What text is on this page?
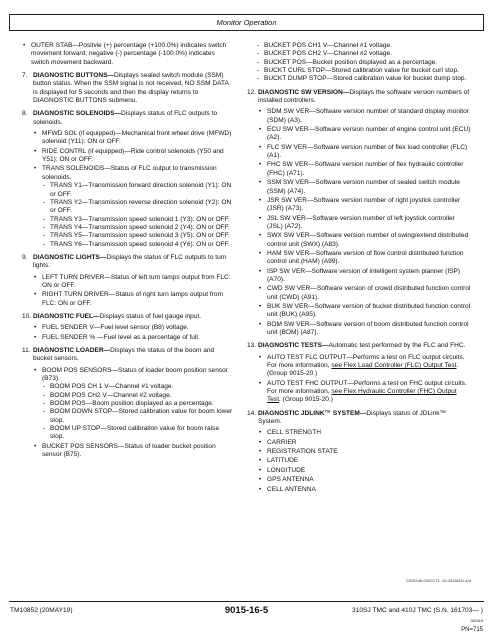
Monitor Operation
• OUTER STAB—Positvie (+) percentage (+100.0%) indicates switch movement forward; negative (-) percentage (-100.0%) indicates switch movement backward.
7. DIAGNOSTIC BUTTONS—Displays sealed switch module (SSM) button status. When the SSM signal is not received, NO SSM DATA is displayed for 5 seconds and then the display returns to DIAGNOSTIC BUTTONS submenu.
8. DIAGNOSTIC SOLENOIDS—Displays status of FLC outputs to solenoids.
• MFWD SOL (if equipped)—Mechanical front wheel drive (MFWD) solenoid (Y11): ON or OFF.
• RIDE CONTRL (if equipped)—Ride control solenoids (Y50 and Y51): ON or OFF.
• TRANS SOLENOIDS—Status of FLC output to transmission solenoids.
- TRANS Y1—Transmission forward direction solenoid (Y1): ON or OFF.
- TRANS Y2—Transmission reverse direction solenoid (Y2): ON or OFF.
- TRANS Y3—Transmission speed solenoid 1 (Y3): ON or OFF.
- TRANS Y4—Transmission speed solenoid 2 (Y4): ON or OFF.
- TRANS Y5—Transmission speed solenoid 3 (Y5): ON or OFF.
- TRANS Y6—Transmission speed solenoid 4 (Y6): ON or OFF.
9. DIAGNOSTIC LIGHTS—Displays the status of FLC outputs to turn lights.
• LEFT TURN DRIVER—Status of left turn lamps output from FLC: ON or OFF.
• RIGHT TURN DRIVER—Status of right turn lamps output from FLC: ON or OFF.
10. DIAGNOSTIC FUEL—Displays status of fuel gauge input.
• FUEL SENDER V—Fuel level sensor (B8) voltage.
• FUEL SENDER % —Fuel level as a percentage of full.
11. DIAGNOSTIC LOADER—Displays the status of the boom and bucket sensors.
• BOOM POS SENSORS—Status of loader boom position sensor (B73).
- BOOM POS CH 1 V—Channel #1 voltage.
- BOOM POS CH2 V—Channel #2 voltage.
- BOOM POS—Boom position displayed as a percentage.
- BOOM DOWN STOP—Stored calibration value for boom lower stop.
- BOOM UP STOP—Stored calibration value for boom raise stop.
• BUCKET POS SENSORS—Status of loader bucket position sensor (B75).
- BUCKET POS CH1 V—Channel #1 voltage.
- BUCKET POS CH2 V—Channel #2 voltage.
- BUCKET POS—Bucket position displayed as a percentage.
- BUCKT CURL STOP—Stored calibration value for bucket curl stop.
- BUCKT DUMP STOP—Stored calibration value for bucket dump stop.
12. DIAGNOSTIC SW VERSION—Displays the software version numbers of installed controllers.
• SDM SW VER—Software version number of standard display monitor (SDM) (A3).
• ECU SW VER—Software version number of engine control unit (ECU) (A2).
• FLC SW VER—Software version number of flex load controller (FLC) (A1).
• FHC SW VER—Software version number of flex hydraulic controller (FHC) (A71).
• SSM SW VER—Software version number of sealed switch module (SSM) (A74).
• JSR SW VER—Software version number of right joystick controller (JSR) (A73).
• JSL SW VER—Software version number of left joystick controller (JSL) (A72).
• SWX SW VER—Software version number of swing/extend distributed control unit (SWX) (A83).
• HAM SW VER—Software version of flow control distributed function control unit (HAM) (A99).
• ISP SW VER—Software version of intelligent system planner (ISP) (A70).
• CWD SW VER—Software version of crowd distributed function control unit (CWD) (A91).
• BUK SW VER—Software version of bucket distributed function control unit (BUK) (A95).
• BOM SW VER—Software version of boom distributed function control unit (BOM) (A87).
13. DIAGNOSTIC TESTS—Automatic test performed by the FLC and FHC.
• AUTO TEST FLC OUTPUT—Performs a test on FLC output circuits. For more information, see Flex Load Controller (FLC) Output Test. (Group 9015-20.)
• AUTO TEST FHC OUTPUT—Performs a test on FHC output circuits. For more information, see Flex Hydraulic Controller (FHC) Output Test. (Group 9015-20.)
14. DIAGNOSTIC JDLINK™ SYSTEM—Displays status of JDLink™ System.
• CELL STRENGTH
• CARRIER
• REGISTRATION STATE
• LATITUDE
• LONGITUDE
• GPS ANTENNA
• CELL ANTENNA
CS32148,0002C71 -19-25JAN11-4/4
TM10852 (20MAY19)	9015-16-5	310SJ TMC and 410J TMC (S.N. 161703— )
062419
PN=715
